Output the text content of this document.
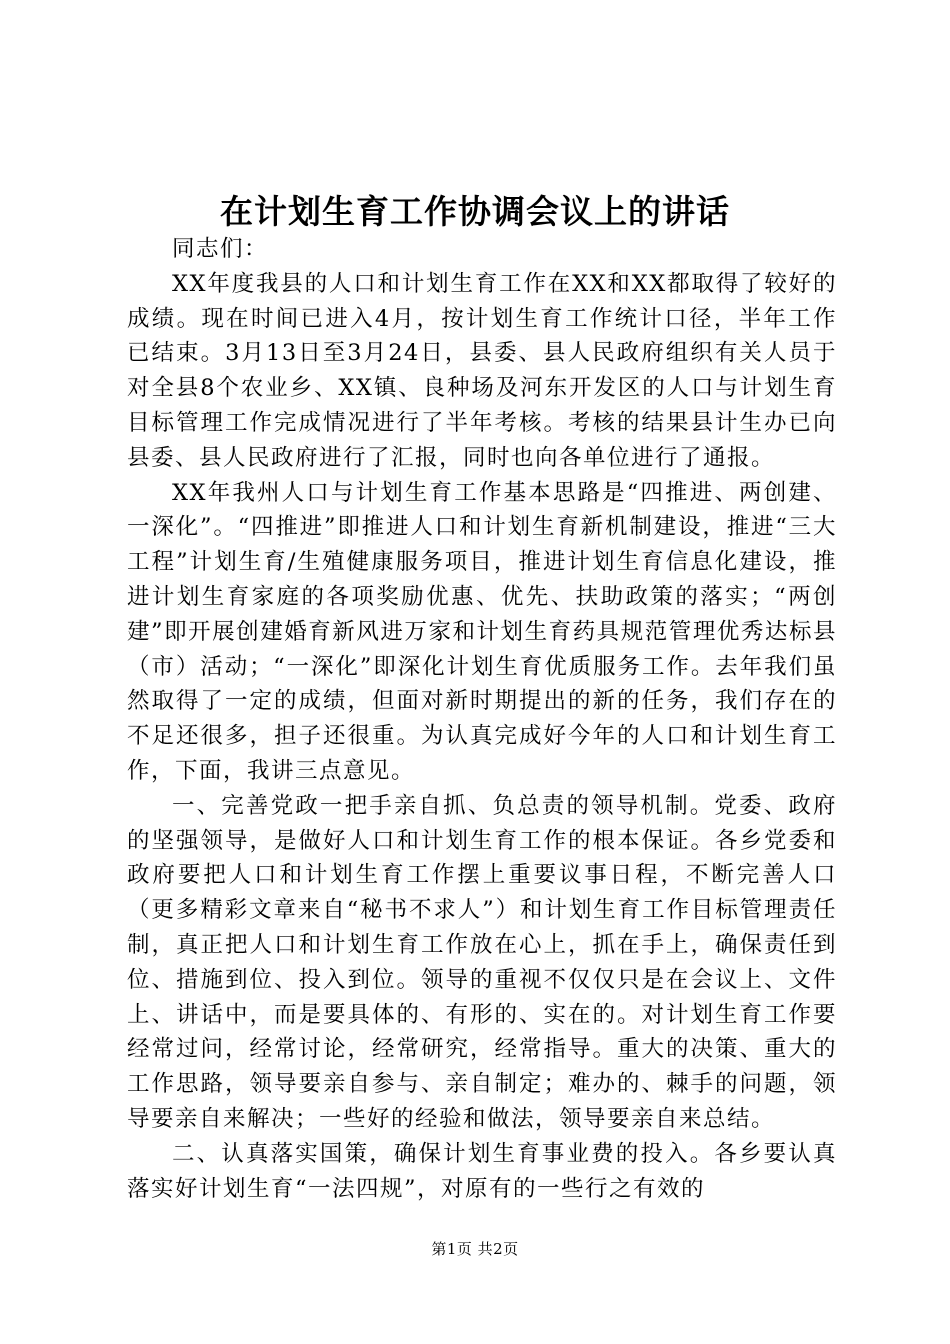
在计划生育工作协调会议上的讲话

同志们：

XX年度我县的人口和计划生育工作在XX和XX都取得了较好的成绩。现在时间已进入4月，按计划生育工作统计口径，半年工作已结束。3月13日至3月24日，县委、县人民政府组织有关人员于对全县8个农业乡、XX镇、良种场及河东开发区的人口与计划生育目标管理工作完成情况进行了半年考核。考核的结果县计生办已向县委、县人民政府进行了汇报，同时也向各单位进行了通报。

XX年我州人口与计划生育工作基本思路是“四推进、两创建、一深化”。“四推进”即推进人口和计划生育新机制建设，推进“三大工程”计划生育/生殖健康服务项目，推进计划生育信息化建设，推进计划生育家庭的各项奖励优惠、优先、扶助政策的落实；“两创建”即开展创建婚育新风进万家和计划生育药具规范管理优秀达标县（市）活动；“一深化”即深化计划生育优质服务工作。去年我们虽然取得了一定的成绩，但面对新时期提出的新的任务，我们存在的不足还很多，担子还很重。为认真完成好今年的人口和计划生育工作，下面，我讲三点意见。

一、完善党政一把手亲自抓、负总责的领导机制。党委、政府的坚强领导，是做好人口和计划生育工作的根本保证。各乡党委和政府要把人口和计划生育工作摆上重要议事日程，不断完善人口（更多精彩文章来自“秘书不求人”）和计划生育工作目标管理责任制，真正把人口和计划生育工作放在心上，抓在手上，确保责任到位、措施到位、投入到位。领导的重视不仅仅只是在会议上、文件上、讲话中，而是要具体的、有形的、实在的。对计划生育工作要经常过问，经常讨论，经常研究，经常指导。重大的决策、重大的工作思路，领导要亲自参与、亲自制定；难办的、棘手的问题，领导要亲自来解决；一些好的经验和做法，领导要亲自来总结。

二、认真落实国策，确保计划生育事业费的投入。各乡要认真落实好计划生育“一法四规”，对原有的一些行之有效的

第1页 共2页
